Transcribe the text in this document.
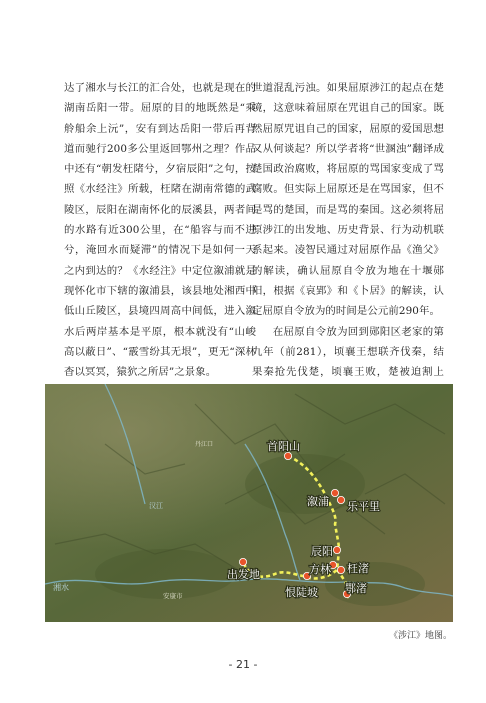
达了湘水与长江的汇合处，也就是现在的湖南岳阳一带。屈原的目的地既然是“乘舲船余上沅”，安有到达岳阳一带后再背道而驰行200多公里返回鄂州之理？作品中还有“朝发枉陼兮，夕宿辰阳”之句，按照《水经注》所载，枉陼在湖南常德的武陵区，辰阳在湖南怀化的辰溪县，两者间的水路有近300公里，在“船容与而不进兮，淹回水而疑滞”的情况下是如何一天之内到达的？《水经注》中定位溆浦就是现怀化市下辖的溆浦县，该县地处湘西中低山丘陵区，县境四周高中间低，进入溆水后两岸基本是平原，根本就没有“山峻高以蔽日”、“霰雪纷其无垠”，更无“深林杳以冥冥，猿狖之所居”之景象。

世道混乱污浊。如果屈原涉江的起点在楚境，这意味着屈原在咒诅自己的国家。既然屈原咒诅自己的国家，屈原的爱国思想又从何谈起？所以学者将“世溷浊”翻译成楚国政治腐败，将屈原的骂国家变成了骂腐败。但实际上屈原还是在骂国家，但不是骂的楚国，而是骂的秦国。这必须将屈原涉江的出发地、历史背景、行为动机联系起来。凌智民通过对屈原作品《渔父》的解读，确认屈原自令放为地在十堰郧阳，根据《哀郢》和《卜居》的解读，认定屈原自令放为的时间是公元前290年。

在屈原自令放为回到郧阳区老家的第九年（前281），顷襄王想联齐伐秦，结果秦抢先伐楚，顷襄王败，楚被迫割上

湘水
安康市
汉江
丹江口	首阳山
溆浦 乐平里
辰阳
方林 枉渚
出发地
恨陡坡 鄂渚
《涉江》地图。
- 21 -
